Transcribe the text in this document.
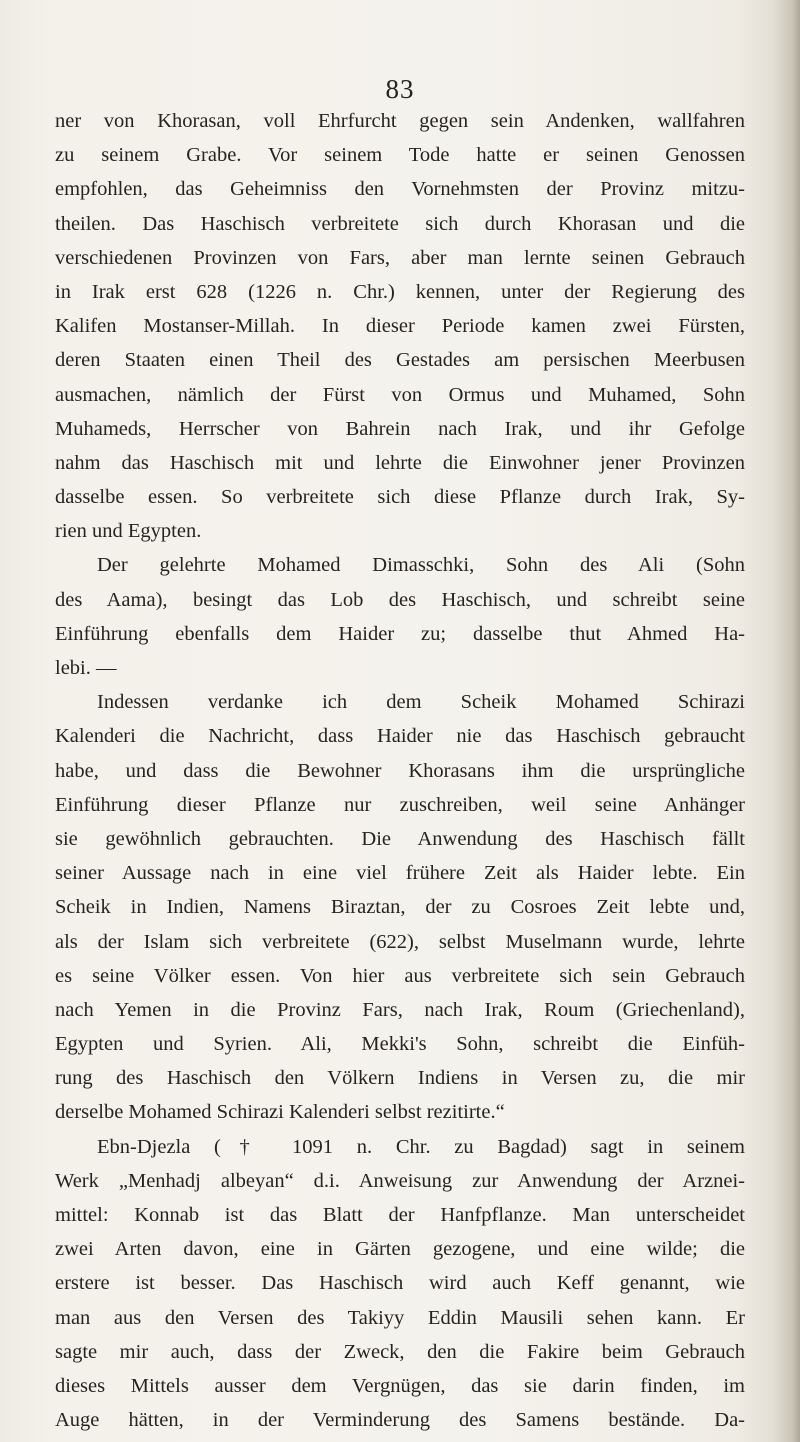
83
ner von Khorasan, voll Ehrfurcht gegen sein Andenken, wallfahren
zu seinem Grabe. Vor seinem Tode hatte er seinen Genossen
empfohlen, das Geheimniss den Vornehmsten der Provinz mitzu-
theilen. Das Haschisch verbreitete sich durch Khorasan und die
verschiedenen Provinzen von Fars, aber man lernte seinen Gebrauch
in Irak erst 628 (1226 n. Chr.) kennen, unter der Regierung des
Kalifen Mostanser-Millah. In dieser Periode kamen zwei Fürsten,
deren Staaten einen Theil des Gestades am persischen Meerbusen
ausmachen, nämlich der Fürst von Ormus und Muhamed, Sohn
Muhameds, Herrscher von Bahrein nach Irak, und ihr Gefolge
nahm das Haschisch mit und lehrte die Einwohner jener Provinzen
dasselbe essen. So verbreitete sich diese Pflanze durch Irak, Sy-
rien und Egypten.
Der gelehrte Mohamed Dimasschki, Sohn des Ali (Sohn
des Aama), besingt das Lob des Haschisch, und schreibt seine
Einführung ebenfalls dem Haider zu; dasselbe thut Ahmed Ha-
lebi. —
Indessen verdanke ich dem Scheik Mohamed Schirazi
Kalenderi die Nachricht, dass Haider nie das Haschisch gebraucht
habe, und dass die Bewohner Khorasans ihm die ursprüngliche
Einführung dieser Pflanze nur zuschreiben, weil seine Anhänger
sie gewöhnlich gebrauchten. Die Anwendung des Haschisch fällt
seiner Aussage nach in eine viel frühere Zeit als Haider lebte. Ein
Scheik in Indien, Namens Biraztan, der zu Cosroes Zeit lebte und,
als der Islam sich verbreitete (622), selbst Muselmann wurde, lehrte
es seine Völker essen. Von hier aus verbreitete sich sein Gebrauch
nach Yemen in die Provinz Fars, nach Irak, Roum (Griechenland),
Egypten und Syrien. Ali, Mekki's Sohn, schreibt die Einfüh-
rung des Haschisch den Völkern Indiens in Versen zu, die mir
derselbe Mohamed Schirazi Kalenderi selbst rezitirte.“
Ebn-Djezla († 1091 n. Chr. zu Bagdad) sagt in seinem
Werk „Menhadj albeyan“ d.i. Anweisung zur Anwendung der Arznei-
mittel: Konnab ist das Blatt der Hanfpflanze. Man unterscheidet
zwei Arten davon, eine in Gärten gezogene, und eine wilde; die
erstere ist besser. Das Haschisch wird auch Keff genannt, wie
man aus den Versen des Takiyy Eddin Mausili sehen kann. Er
sagte mir auch, dass der Zweck, den die Fakire beim Gebrauch
dieses Mittels ausser dem Vergnügen, das sie darin finden, im
Auge hätten, in der Verminderung des Samens bestände. Da-
